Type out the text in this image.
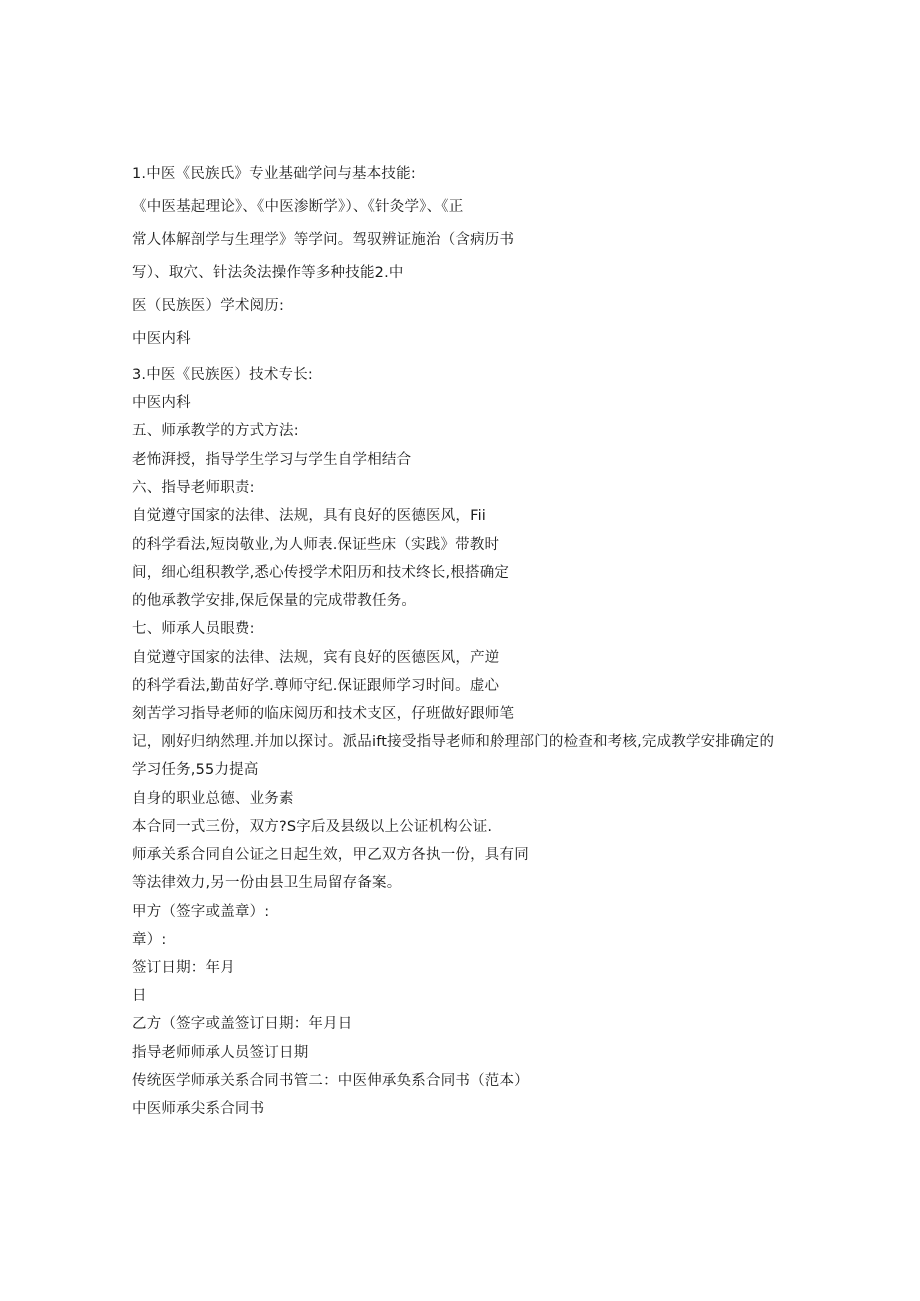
1.中医《民族氏》专业基础学问与基本技能:
《中医基起理论》、《中医渗断学》）、《针灸学》、《正
常人体解剖学与生理学》等学问。驾驭辨证施治（含病历书
写）、取穴、针法灸法操作等多种技能2.中
医（民族医）学术阅历:
中医内科
3.中医《民族医）技术专长:
中医内科
五、师承教学的方式方法:
老怖湃授，指导学生学习与学生自学相结合
六、指导老师职责:
自觉遵守国家的法律、法规，具有良好的医德医风，Fii
的科学看法,短岗敬业,为人师表.保证些床（实践》带教时
间，细心组积教学,悉心传授学术阳历和技术终长,根搭确定
的他承教学安排,保卮保量的完成带教任务。
七、师承人员眼费:
自觉遵守国家的法律、法规，宾有良好的医德医风，产逆
的科学看法,勤苗好学.尊师守纪.保证跟师学习时间。虚心
刻苦学习指导老师的临床阅历和技术支区，仔班做好跟师笔
记，刚好归纳然理.并加以探讨。派品ift接受指导老师和舲理部门的检查和考核,完成教学安排确定的
学习任务,55力提高
自身的职业总德、业务素
本合同一式三份，双方?S字后及县级以上公证机构公证.
师承关系合同自公证之日起生效，甲乙双方各执一份，具有同
等法律效力,另一份由县卫生局留存备案。
甲方（签字或盖章）:
章）:
签订日期：年月
日
乙方（签字或盖签订日期：年月日
指导老师师承人员签订日期
传统医学师承关系合同书管二：中医伸承奂系合同书（范本）
中医师承尖系合同书
